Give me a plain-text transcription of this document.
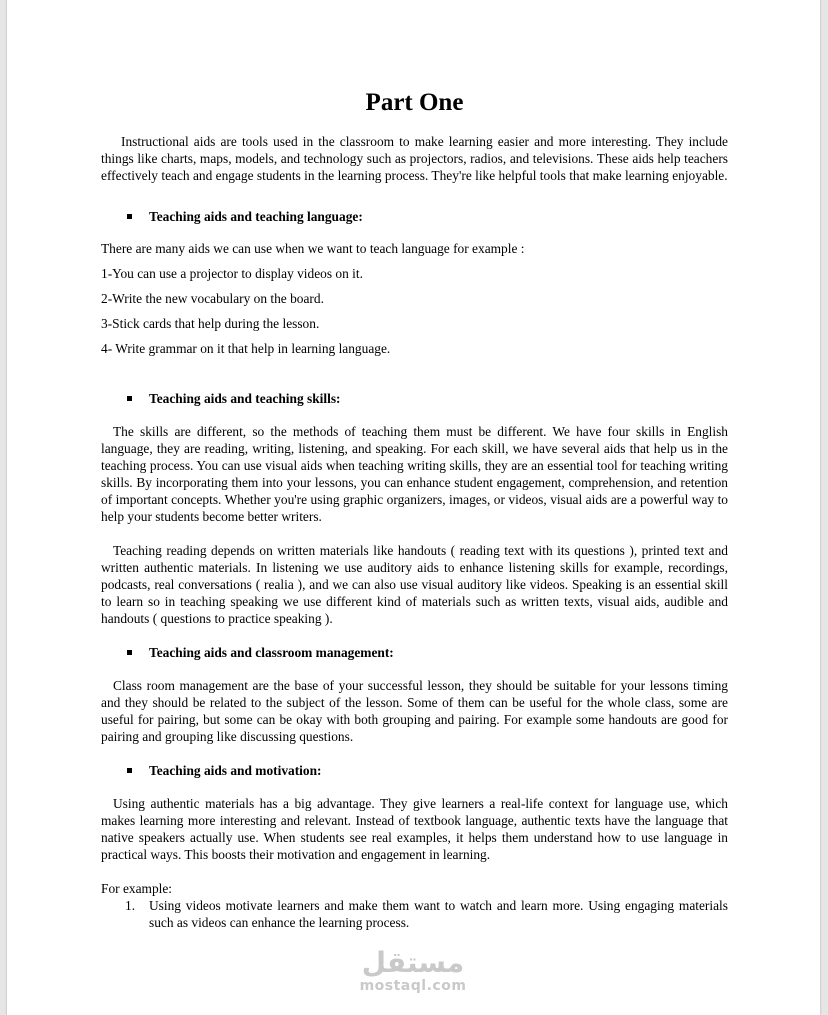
Part One

Instructional aids are tools used in the classroom to make learning easier and more interesting. They include things like charts, maps, models, and technology such as projectors, radios, and televisions. These aids help teachers effectively teach and engage students in the learning process. They're like helpful tools that make learning enjoyable.

Teaching aids and teaching language:

There are many aids we can use when we want to teach language for example :

1-You can use a projector to display videos on it.

2-Write the new vocabulary on the board.

3-Stick cards that help during the lesson.

4- Write grammar on it that help in learning language.

Teaching aids and teaching skills:

The skills are different, so the methods of teaching them must be different. We have four skills in English language, they are reading, writing, listening, and speaking. For each skill, we have several aids that help us in the teaching process. You can use visual aids when teaching writing skills, they are an essential tool for teaching writing skills. By incorporating them into your lessons, you can enhance student engagement, comprehension, and retention of important concepts. Whether you're using graphic organizers, images, or videos, visual aids are a powerful way to help your students become better writers.

Teaching reading depends on written materials like handouts ( reading text with its questions ), printed text and written authentic materials. In listening we use auditory aids to enhance listening skills for example, recordings, podcasts, real conversations ( realia ), and we can also use visual auditory like videos. Speaking is an essential skill to learn so in teaching speaking we use different kind of materials such as written texts, visual aids, audible and handouts ( questions to practice speaking ).

Teaching aids and classroom management:

Class room management are the base of your successful lesson, they should be suitable for your lessons timing and they should be related to the subject of the lesson. Some of them can be useful for the whole class, some are useful for pairing, but some can be okay with both grouping and pairing. For example some handouts are good for pairing and grouping like discussing questions.

Teaching aids and motivation:

Using authentic materials has a big advantage. They give learners a real-life context for language use, which makes learning more interesting and relevant. Instead of textbook language, authentic texts have the language that native speakers actually use. When students see real examples, it helps them understand how to use language in practical ways. This boosts their motivation and engagement in learning.

For example:

1. Using videos motivate learners and make them want to watch and learn more. Using engaging materials such as videos can enhance the learning process.
مستقل
mostaql.com
